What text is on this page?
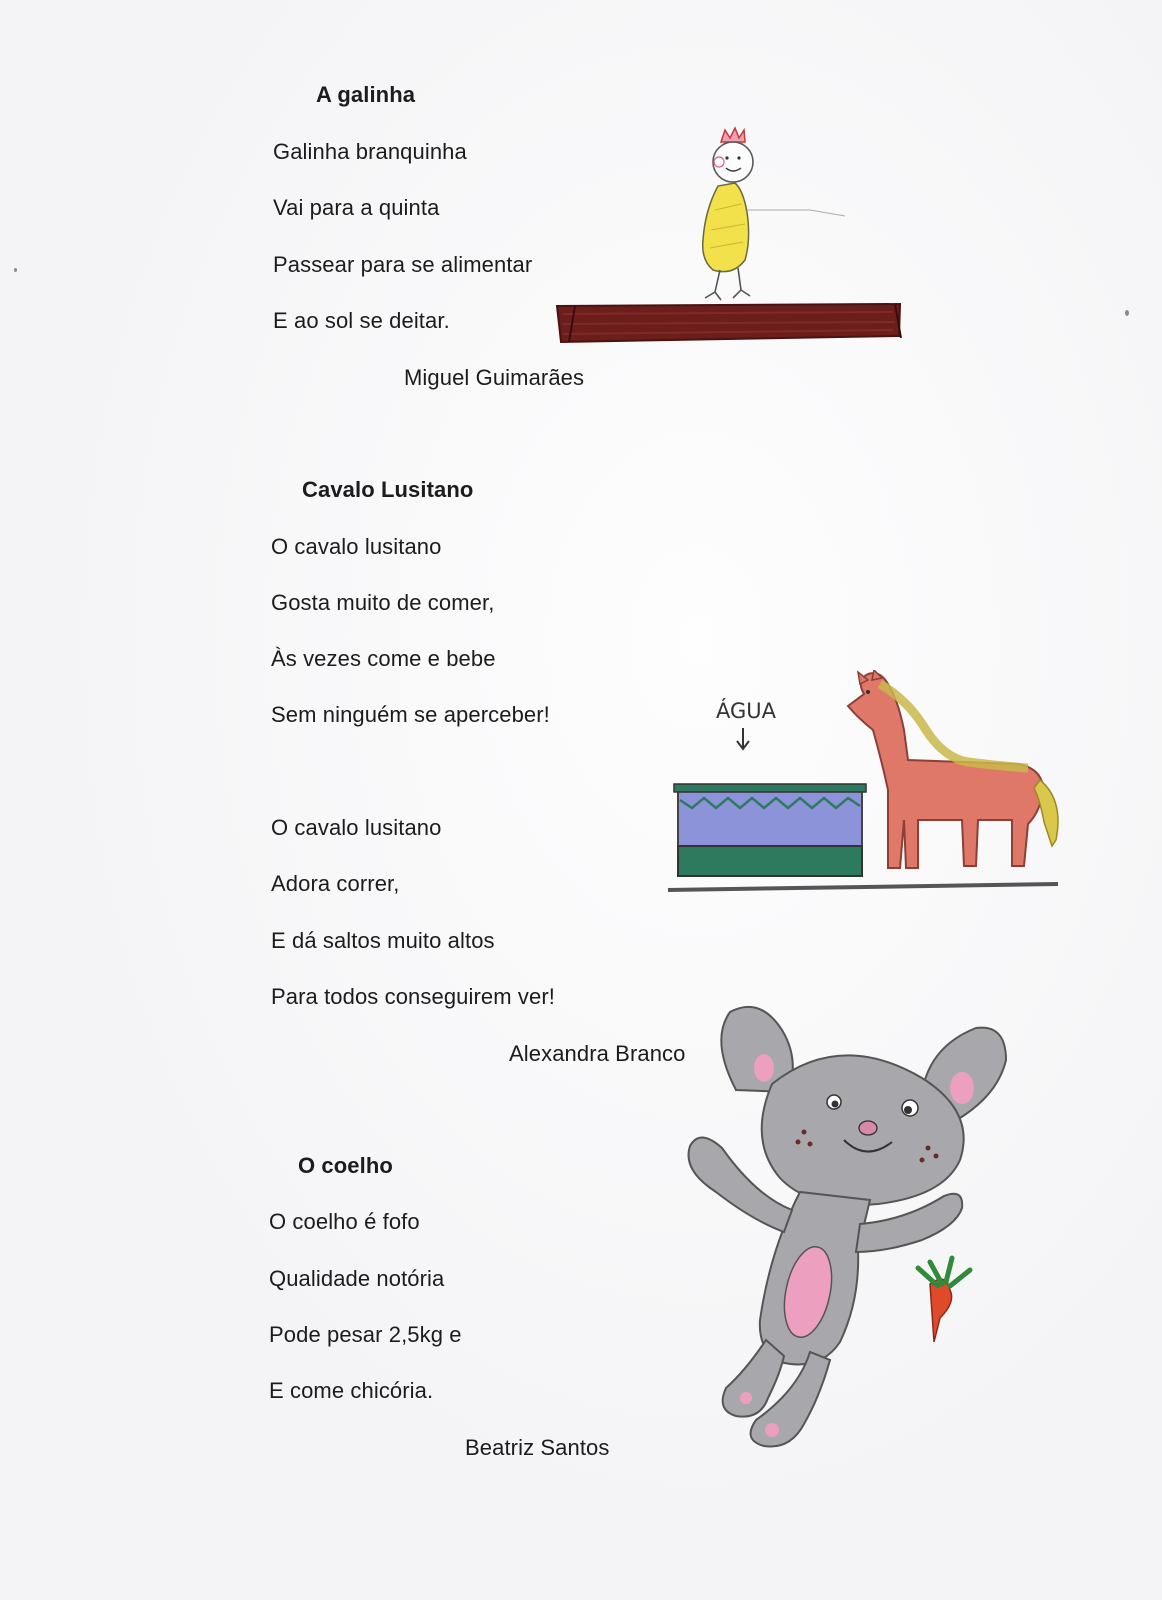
A galinha
Galinha branquinha
Vai para a quinta
Passear para se alimentar
E ao sol se deitar.
Miguel Guimarães
Cavalo Lusitano
O cavalo lusitano
Gosta muito de comer,
Às vezes come e bebe
Sem ninguém se aperceber!
O cavalo lusitano
Adora correr,
E dá saltos muito altos
Para todos conseguirem ver!
Alexandra Branco
O coelho
O coelho é fofo
Qualidade notória
Pode pesar 2,5kg e
E come chicória.
Beatriz Santos
ÁGUA
